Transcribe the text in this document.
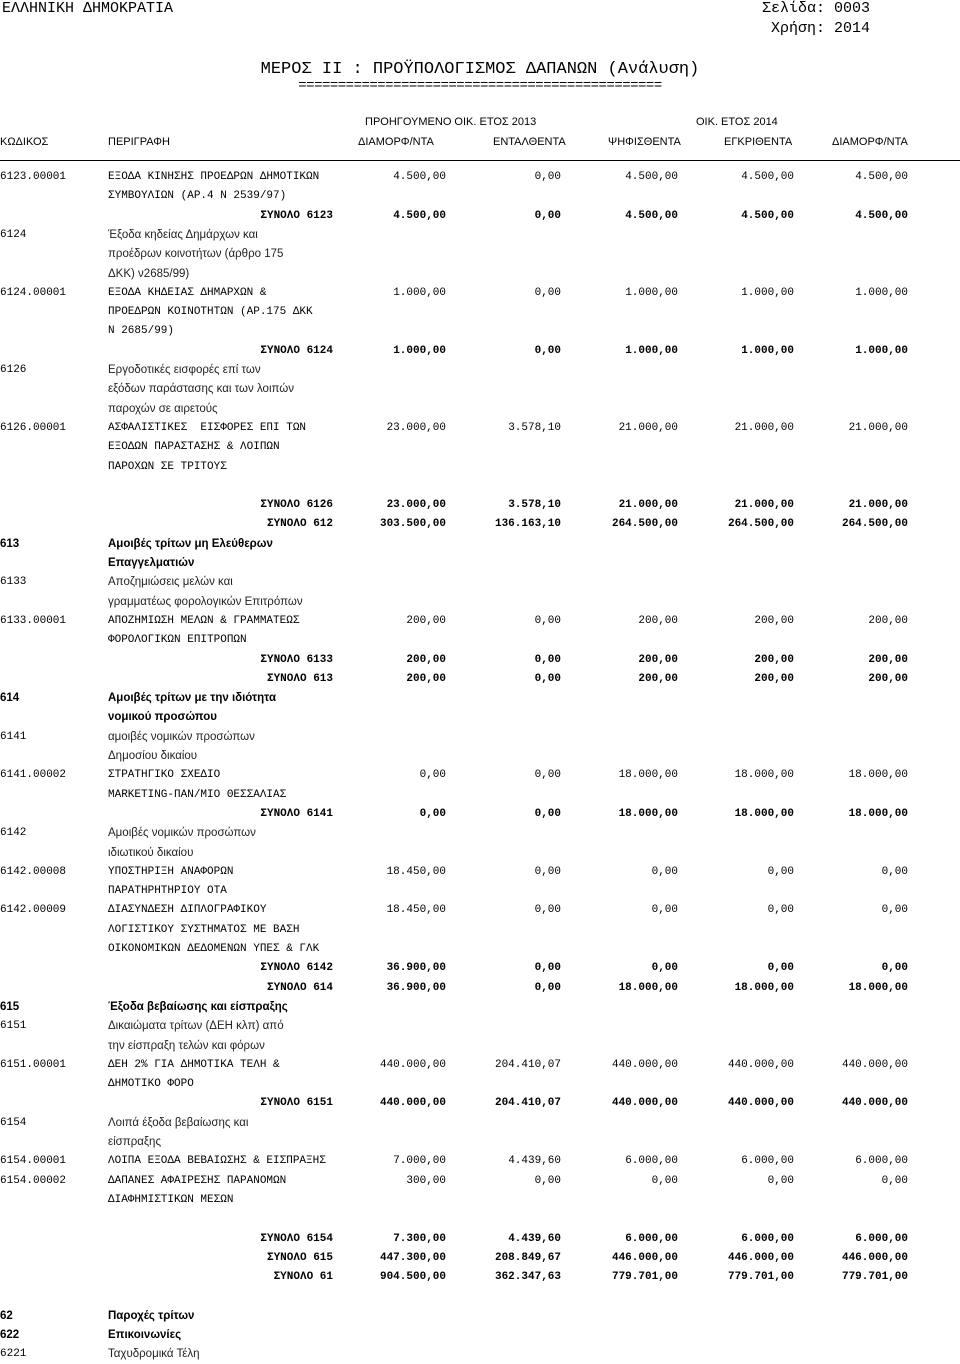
ΕΛΛΗΝΙΚΗ ΔΗΜΟΚΡΑΤΙΑ	Σελίδα: 0003
Χρήση: 2014
ΜΕΡΟΣ ΙΙ : ΠΡΟΫΠΟΛΟΓΙΣΜΟΣ ΔΑΠΑΝΩΝ (Ανάλυση)
==============================================
ΠΡΟΗΓΟΥΜΕΝΟ ΟΙΚ. ΕΤΟΣ 2013	ΟΙΚ. ΕΤΟΣ 2014
ΚΩΔΙΚΟΣ	ΠΕΡΙΓΡΑΦΗ	ΔΙΑΜΟΡΦ/ΝΤΑ	ΕΝΤΑΛΘΕΝΤΑ	ΨΗΦΙΣΘΕΝΤΑ	ΕΓΚΡΙΘΕΝΤΑ	ΔΙΑΜΟΡΦ/ΝΤΑ
6123.00001	ΕΞΟΔΑ ΚΙΝΗΣΗΣ ΠΡΟΕΔΡΩΝ ΔΗΜΟΤΙΚΩΝ	4.500,00	0,00	4.500,00	4.500,00	4.500,00
ΣΥΜΒΟΥΛΙΩΝ (ΑΡ.4 Ν 2539/97)
ΣΥΝΟΛΟ 6123	4.500,00	0,00	4.500,00	4.500,00	4.500,00
6124	Έξοδα κηδείας Δημάρχων και
προέδρων κοινοτήτων (άρθρο 175
ΔΚΚ) ν2685/99)
6124.00001	ΕΞΟΔΑ ΚΗΔΕΙΑΣ ΔΗΜΑΡΧΩΝ &	1.000,00	0,00	1.000,00	1.000,00	1.000,00
ΠΡΟΕΔΡΩΝ ΚΟΙΝΟΤΗΤΩΝ (ΑΡ.175 ΔΚΚ
Ν 2685/99)
ΣΥΝΟΛΟ 6124	1.000,00	0,00	1.000,00	1.000,00	1.000,00
6126	Εργοδοτικές εισφορές επί των
εξόδων παράστασης και των λοιπών
παροχών σε αιρετούς
6126.00001	ΑΣΦΑΛΙΣΤΙΚΕΣ  ΕΙΣΦΟΡΕΣ ΕΠΙ ΤΩΝ	23.000,00	3.578,10	21.000,00	21.000,00	21.000,00
ΕΞΟΔΩΝ ΠΑΡΑΣΤΑΣΗΣ & ΛΟΙΠΩΝ
ΠΑΡΟΧΩΝ ΣΕ ΤΡΙΤΟΥΣ
ΣΥΝΟΛΟ 6126	23.000,00	3.578,10	21.000,00	21.000,00	21.000,00
ΣΥΝΟΛΟ 612	303.500,00	136.163,10	264.500,00	264.500,00	264.500,00
613	Αμοιβές τρίτων μη Ελεύθερων
Επαγγελματιών
6133	Αποζημιώσεις μελών και
γραμματέως φορολογικών Επιτρόπων
6133.00001	ΑΠΟΖΗΜΙΩΣΗ ΜΕΛΩΝ & ΓΡΑΜΜΑΤΕΩΣ	200,00	0,00	200,00	200,00	200,00
ΦΟΡΟΛΟΓΙΚΩΝ ΕΠΙΤΡΟΠΩΝ
ΣΥΝΟΛΟ 6133	200,00	0,00	200,00	200,00	200,00
ΣΥΝΟΛΟ 613	200,00	0,00	200,00	200,00	200,00
614	Αμοιβές τρίτων με την ιδιότητα
νομικού προσώπου
6141	αμοιβές νομικών προσώπων
Δημοσίου δικαίου
6141.00002	ΣΤΡΑΤΗΓΙΚΟ ΣΧΕΔΙΟ	0,00	0,00	18.000,00	18.000,00	18.000,00
MARKETING-ΠΑΝ/ΜΙΟ ΘΕΣΣΑΛΙΑΣ
ΣΥΝΟΛΟ 6141	0,00	0,00	18.000,00	18.000,00	18.000,00
6142	Αμοιβές νομικών προσώπων
ιδιωτικού δικαίου
6142.00008	ΥΠΟΣΤΗΡΙΞΗ ΑΝΑΦΟΡΩΝ	18.450,00	0,00	0,00	0,00	0,00
ΠΑΡΑΤΗΡΗΤΗΡΙΟΥ ΟΤΑ
6142.00009	ΔΙΑΣΥΝΔΕΣΗ ΔΙΠΛΟΓΡΑΦΙΚΟΥ	18.450,00	0,00	0,00	0,00	0,00
ΛΟΓΙΣΤΙΚΟΥ ΣΥΣΤΗΜΑΤΟΣ ΜΕ ΒΑΣΗ
ΟΙΚΟΝΟΜΙΚΩΝ ΔΕΔΟΜΕΝΩΝ ΥΠΕΣ & ΓΛΚ
ΣΥΝΟΛΟ 6142	36.900,00	0,00	0,00	0,00	0,00
ΣΥΝΟΛΟ 614	36.900,00	0,00	18.000,00	18.000,00	18.000,00
615	Έξοδα βεβαίωσης και είσπραξης
6151	Δικαιώματα τρίτων (ΔΕΗ κλπ) από
την είσπραξη τελών και φόρων
6151.00001	ΔΕΗ 2% ΓΙΑ ΔΗΜΟΤΙΚΑ ΤΕΛΗ &	440.000,00	204.410,07	440.000,00	440.000,00	440.000,00
ΔΗΜΟΤΙΚΟ ΦΟΡΟ
ΣΥΝΟΛΟ 6151	440.000,00	204.410,07	440.000,00	440.000,00	440.000,00
6154	Λοιπά έξοδα βεβαίωσης και
είσπραξης
6154.00001	ΛΟΙΠΑ ΕΞΟΔΑ ΒΕΒΑΙΩΣΗΣ & ΕΙΣΠΡΑΞΗΣ	7.000,00	4.439,60	6.000,00	6.000,00	6.000,00
6154.00002	ΔΑΠΑΝΕΣ ΑΦΑΙΡΕΣΗΣ ΠΑΡΑΝΟΜΩΝ	300,00	0,00	0,00	0,00	0,00
ΔΙΑΦΗΜΙΣΤΙΚΩΝ ΜΕΣΩΝ
ΣΥΝΟΛΟ 6154	7.300,00	4.439,60	6.000,00	6.000,00	6.000,00
ΣΥΝΟΛΟ 615	447.300,00	208.849,67	446.000,00	446.000,00	446.000,00
ΣΥΝΟΛΟ 61	904.500,00	362.347,63	779.701,00	779.701,00	779.701,00
62	Παροχές τρίτων
622	Επικοινωνίες
6221	Ταχυδρομικά Τέλη
